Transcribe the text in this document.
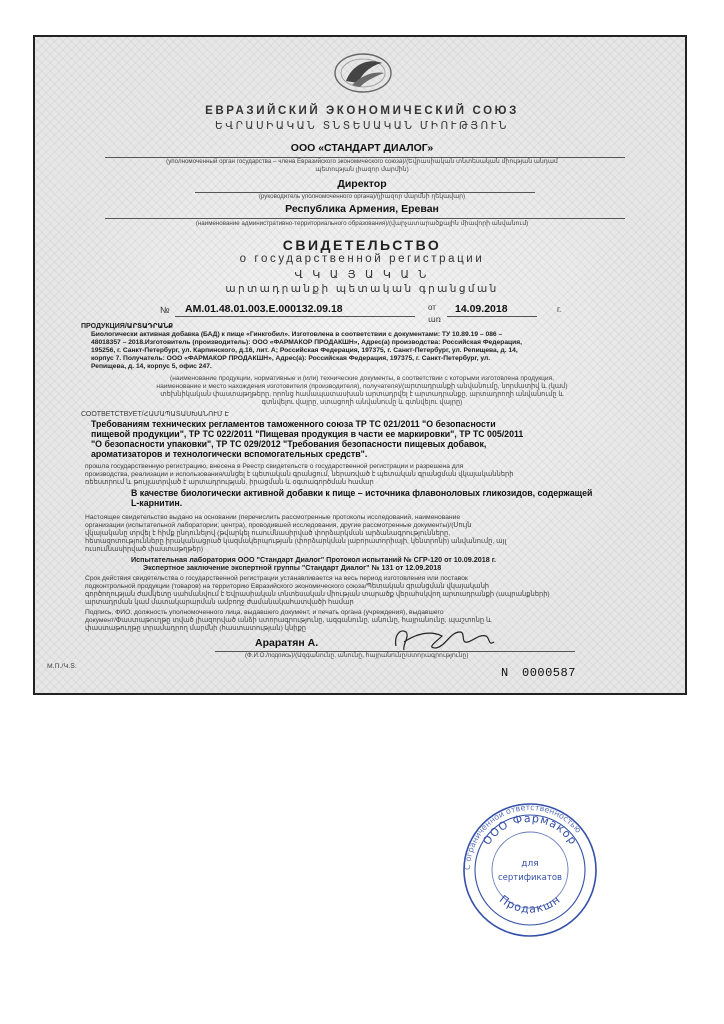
ЕВРАЗИЙСКИЙ ЭКОНОМИЧЕСКИЙ СОЮЗ
ԵՎՐԱՍԻԱԿԱՆ ՏՆՏԵՍԱԿԱՆ ՄԻՈՒԹՅՈՒՆ
ООО «СТАНДАРТ ДИАЛОГ»
(уполномоченный орган государства – члена Евразийского экономического союза)/(Եվրասիական տնտեսական միության անդամ
պետության լիազոր մարմին)
Директор
(руководитель уполномоченного органа)/(լիազոր մարմնի ղեկավար)
Республика Армения, Ереван
(наименование административно-территориального образования)/(վարչատարածքային միավորի անվանում)
СВИДЕТЕЛЬСТВО
о государственной регистрации
Վ Կ Ա Յ Ա Կ Ա Ն
արտադրանքի պետական գրանցման
№ AM.01.48.01.003.E.000132.09.18	от
առ
14.09.2018	г.
ПРОДУКЦИЯ/ԱՐՏԱԴՐԱՆՔ
Биологически активная добавка (БАД) к пище «Гинкгобил». Изготовлена в соответствии с документами: ТУ 10.89.19 – 086 –
48018357 – 2018.Изготовитель (производитель): ООО «ФАРМАКОР ПРОДАКШН», Адрес(а) производства: Российская Федерация,
195256, г. Санкт-Петербург, ул. Карпинского, д.16, лит. А; Российская Федерация, 197375, г. Санкт-Петербург, ул. Репищева, д. 14,
корпус 7. Получатель: ООО «ФАРМАКОР ПРОДАКШН», Адрес(а): Российская Федерация, 197375, г. Санкт-Петербург, ул.
Репищева, д. 14, корпус 5, офис 247.
(наименование продукции, нормативные и (или) технические документы, в соответствии с которыми изготовлена продукция,
наименование и место нахождения изготовителя (производителя), получателя)/(արտադրանքի անվանումը, նորմատիվ և (կամ)
տեխնիկական փաստաթղթերը, որոնց համապատասխան արտադրվել է արտադրանքը, արտադրողի անվանումը և
գտնվելու վայրը, ստացողի անվանումը և գտնվելու վայրը)
СООТВЕТСТВУЕТ/ՀԱՄԱՊԱՏԱՍԽԱՆՈՒՄ Է
Требованиям технических регламентов таможенного союза ТР ТС 021/2011 "О безопасности
пищевой продукции", ТР ТС 022/2011 "Пищевая продукция в части ее маркировки", ТР ТС 005/2011
"О безопасности упаковки", ТР ТС 029/2012 "Требования безопасности пищевых добавок,
ароматизаторов и технологически вспомогательных средств".
прошла государственную регистрацию, внесена в Реестр свидетельств о государственной регистрации и разрешена для
производства, реализации и использования/անցել է պետական գրանցում, ներառված է պետական գրանցման վկայականների
ռեեստրում և թույլատրված է արտադրության, իրացման և օգտագործման համար
В качестве биологически активной добавки к пище – источника флавоноловых гликозидов, содержащей
L-карнитин.
Настоящее свидетельство выдано на основании (перечислить рассмотренные протоколы исследований, наименование
организации (испытательной лаборатории; центра), проводившей исследования, другие рассмотренные документы)/(Սույն
վկայականը տրվել է հիմք ընդունելով (թվարկել ուսումնասիրված փորձարկման արձանագրությունները,
հետազոտությունները իրականացրած կազմակերպության (փորձարկման լաբորատորիայի, կենտրոնի) անվանումը, այլ
ուսումնասիրված փաստաթղթեր)
Испытательная лаборатория ООО "Стандарт Диалог" Протокол испытаний № СГР-120 от 10.09.2018 г.
Экспертное заключение экспертной группы "Стандарт Диалог" № 131 от 12.09.2018
Срок действия свидетельства о государственной регистрации устанавливается на весь период изготовления или поставок
подконтрольной продукции (товаров) на территорию Евразийского экономического союза/Պետական գրանցման վկայականի
գործողության ժամկետը սահմանվում է Եվրասիական տնտեսական միության տարածք վերահսկվող արտադրանքի (ապրանքների)
արտադրման կամ մատակարարման ամբողջ ժամանակահատվածի համար
Подпись, ФИО, должность уполномоченного лица, выдавшего документ, и печать органа (учреждения), выдавшего
документ/Փաստաթուղթը տված լիազորված անձի ստորագրությունը, ազգանունը, անունը, հայրանունը, պաշտոնը և
փաստաթուղթը տրամադրող մարմնի (հաստատության) կնիքը
Араратян А.
(Ф.И.О./подпись)/(Ազգանունը, անունը, հայրանունը/ստորագրությունը)
М.П./Կ.Տ.	N 0000587
С ограниченной ответственностью
ООО Фармакор
Продакшн
для
сертификатов
